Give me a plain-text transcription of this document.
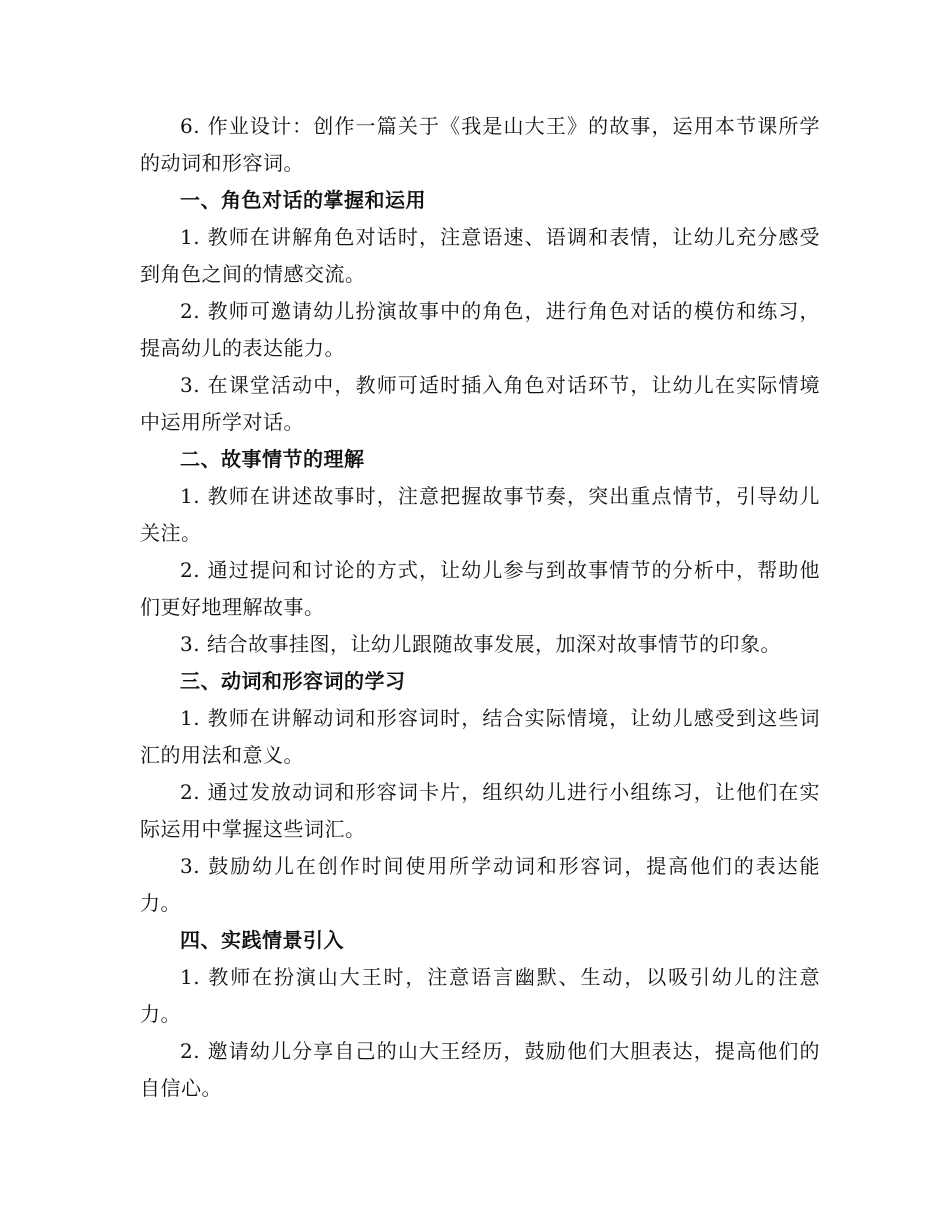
6. 作业设计：创作一篇关于《我是山大王》的故事，运用本节课所学的动词和形容词。

一、角色对话的掌握和运用

1. 教师在讲解角色对话时，注意语速、语调和表情，让幼儿充分感受到角色之间的情感交流。

2. 教师可邀请幼儿扮演故事中的角色，进行角色对话的模仿和练习，提高幼儿的表达能力。

3. 在课堂活动中，教师可适时插入角色对话环节，让幼儿在实际情境中运用所学对话。

二、故事情节的理解

1. 教师在讲述故事时，注意把握故事节奏，突出重点情节，引导幼儿关注。

2. 通过提问和讨论的方式，让幼儿参与到故事情节的分析中，帮助他们更好地理解故事。

3. 结合故事挂图，让幼儿跟随故事发展，加深对故事情节的印象。

三、动词和形容词的学习

1. 教师在讲解动词和形容词时，结合实际情境，让幼儿感受到这些词汇的用法和意义。

2. 通过发放动词和形容词卡片，组织幼儿进行小组练习，让他们在实际运用中掌握这些词汇。

3. 鼓励幼儿在创作时间使用所学动词和形容词，提高他们的表达能力。

四、实践情景引入

1. 教师在扮演山大王时，注意语言幽默、生动，以吸引幼儿的注意力。

2. 邀请幼儿分享自己的山大王经历，鼓励他们大胆表达，提高他们的自信心。
